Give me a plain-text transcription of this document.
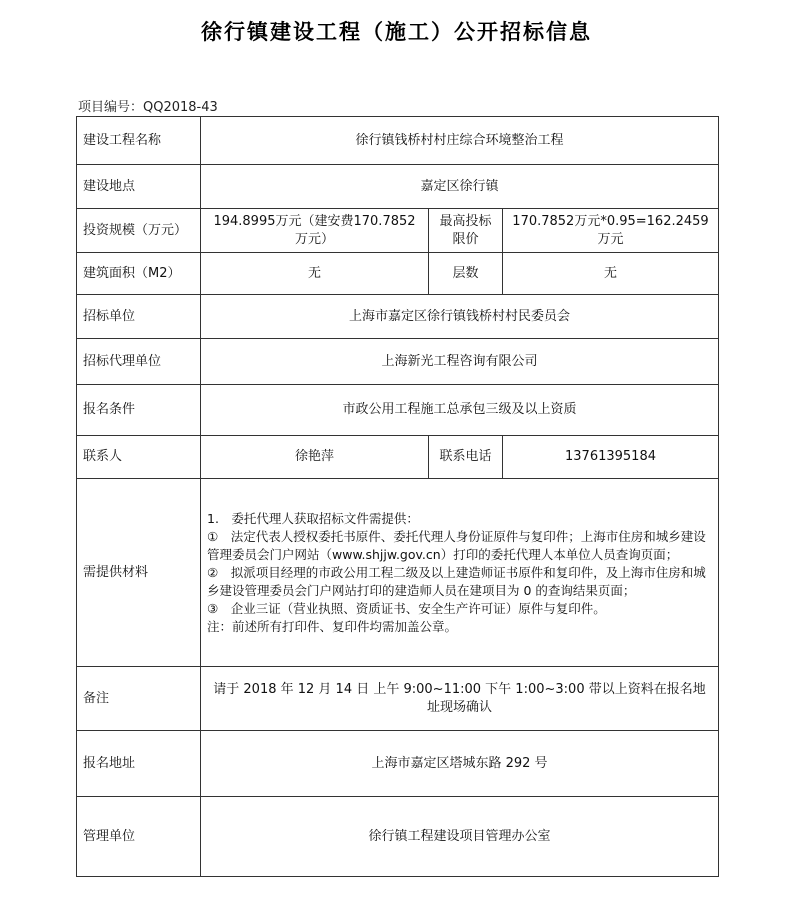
徐行镇建设工程（施工）公开招标信息
项目编号：QQ2018-43
建设工程名称	徐行镇钱桥村村庄综合环境整治工程		
建设地点	嘉定区徐行镇		
投资规模（万元）	194.8995万元（建安费170.7852万元）	最高投标限价	170.7852万元*0.95=162.2459万元
建筑面积（M2）	无	层数	无
招标单位	上海市嘉定区徐行镇钱桥村村民委员会		
招标代理单位	上海新光工程咨询有限公司		
报名条件	市政公用工程施工总承包三级及以上资质		
联系人	徐艳萍	联系电话	13761395184
需提供材料	1.　委托代理人获取招标文件需提供：
①　法定代表人授权委托书原件、委托代理人身份证原件与复印件；上海市住房和城乡建设管理委员会门户网站（www.shjjw.gov.cn）打印的委托代理人本单位人员查询页面；
②　拟派项目经理的市政公用工程二级及以上建造师证书原件和复印件，及上海市住房和城乡建设管理委员会门户网站打印的建造师人员在建项目为 0 的查询结果页面；
③　企业三证（营业执照、资质证书、安全生产许可证）原件与复印件。
注：前述所有打印件、复印件均需加盖公章。		

备注	请于 2018 年 12 月 14 日 上午 9:00~11:00 下午 1:00~3:00 带以上资料在报名地址现场确认		
报名地址	上海市嘉定区塔城东路 292 号		
管理单位	徐行镇工程建设项目管理办公室		
